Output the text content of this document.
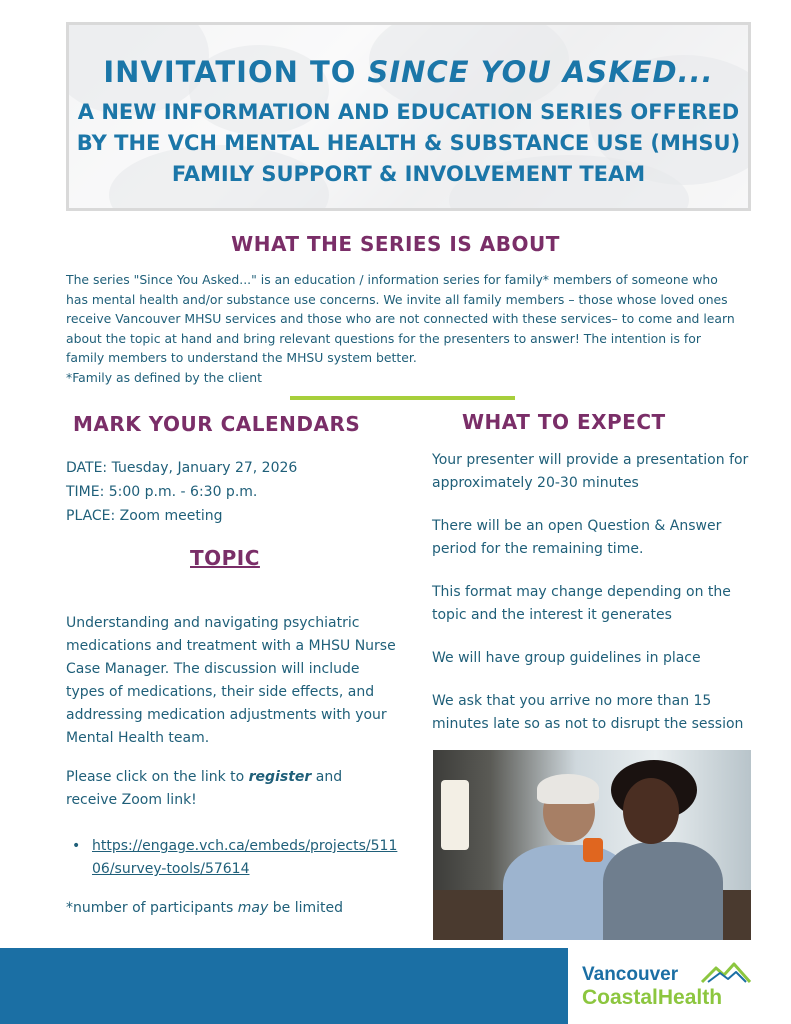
INVITATION TO SINCE YOU ASKED...
A NEW INFORMATION AND EDUCATION SERIES OFFERED
BY THE VCH MENTAL HEALTH & SUBSTANCE USE (MHSU)
FAMILY SUPPORT & INVOLVEMENT TEAM
WHAT THE SERIES IS ABOUT
The series "Since You Asked..." is an education / information series for family* members of someone who has mental health and/or substance use concerns. We invite all family members – those whose loved ones receive Vancouver MHSU services and those who are not connected with these services– to come and learn about the topic at hand and bring relevant questions for the presenters to answer! The intention is for family members to understand the MHSU system better.
*Family as defined by the client
MARK YOUR CALENDARS
DATE: Tuesday, January 27, 2026
TIME: 5:00 p.m. - 6:30 p.m.
PLACE: Zoom meeting
TOPIC
Understanding and navigating psychiatric medications and treatment with a MHSU Nurse Case Manager. The discussion will include types of medications, their side effects, and addressing medication adjustments with your Mental Health team.
Please click on the link to register and receive Zoom link!
• https://engage.vch.ca/embeds/projects/51106/survey-tools/57614
*number of participants may be limited
WHAT TO EXPECT

Your presenter will provide a presentation for approximately 20-30 minutes

There will be an open Question & Answer period for the remaining time.

This format may change depending on the topic and the interest it generates

We will have group guidelines in place

We ask that you arrive no more than 15 minutes late so as not to disrupt the session

Vancouver
CoastalHealth
